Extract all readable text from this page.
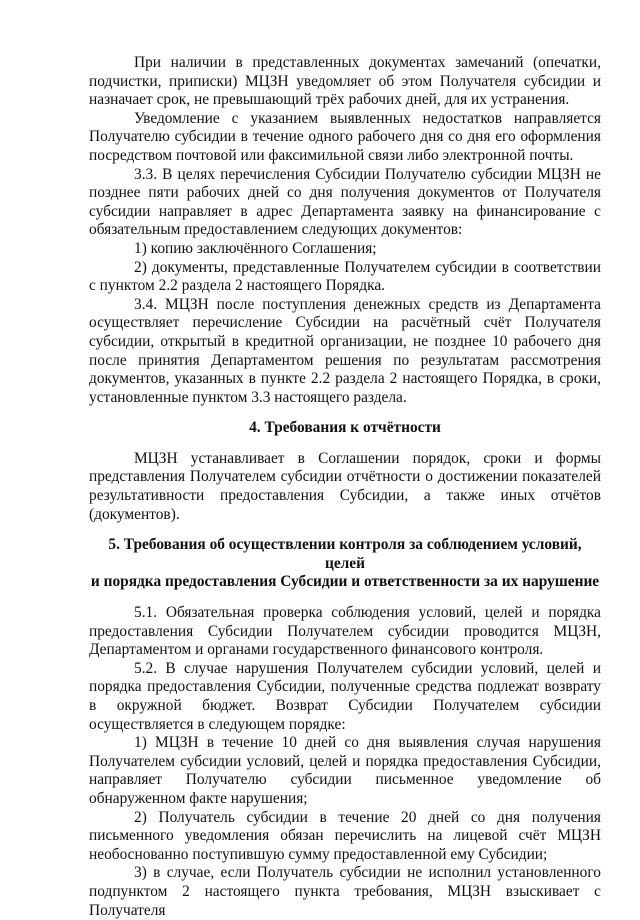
При наличии в представленных документах замечаний (опечатки, подчистки, приписки) МЦЗН уведомляет об этом Получателя субсидии и назначает срок, не превышающий трёх рабочих дней, для их устранения.

Уведомление с указанием выявленных недостатков направляется Получателю субсидии в течение одного рабочего дня со дня его оформления посредством почтовой или факсимильной связи либо электронной почты.

3.3. В целях перечисления Субсидии Получателю субсидии МЦЗН не позднее пяти рабочих дней со дня получения документов от Получателя субсидии направляет в адрес Департамента заявку на финансирование с обязательным предоставлением следующих документов:

1) копию заключённого Соглашения;

2) документы, представленные Получателем субсидии в соответствии с пунктом 2.2 раздела 2 настоящего Порядка.

3.4. МЦЗН после поступления денежных средств из Департамента осуществляет перечисление Субсидии на расчётный счёт Получателя субсидии, открытый в кредитной организации, не позднее 10 рабочего дня после принятия Департаментом решения по результатам рассмотрения документов, указанных в пункте 2.2 раздела 2 настоящего Порядка, в сроки, установленные пунктом 3.3 настоящего раздела.

4. Требования к отчётности

МЦЗН устанавливает в Соглашении порядок, сроки и формы представления Получателем субсидии отчётности о достижении показателей результативности предоставления Субсидии, а также иных отчётов (документов).

5. Требования об осуществлении контроля за соблюдением условий, целей
и порядка предоставления Субсидии и ответственности за их нарушение

5.1. Обязательная проверка соблюдения условий, целей и порядка предоставления Субсидии Получателем субсидии проводится МЦЗН, Департаментом и органами государственного финансового контроля.

5.2. В случае нарушения Получателем субсидии условий, целей и порядка предоставления Субсидии, полученные средства подлежат возврату в окружной бюджет. Возврат Субсидии Получателем субсидии осуществляется в следующем порядке:

1) МЦЗН в течение 10 дней со дня выявления случая нарушения Получателем субсидии условий, целей и порядка предоставления Субсидии, направляет Получателю субсидии письменное уведомление об обнаруженном факте нарушения;

2) Получатель субсидии в течение 20 дней со дня получения письменного уведомления обязан перечислить на лицевой счёт МЦЗН необоснованно поступившую сумму предоставленной ему Субсидии;

3) в случае, если Получатель субсидии не исполнил установленного подпунктом 2 настоящего пункта требования, МЦЗН взыскивает с Получателя
